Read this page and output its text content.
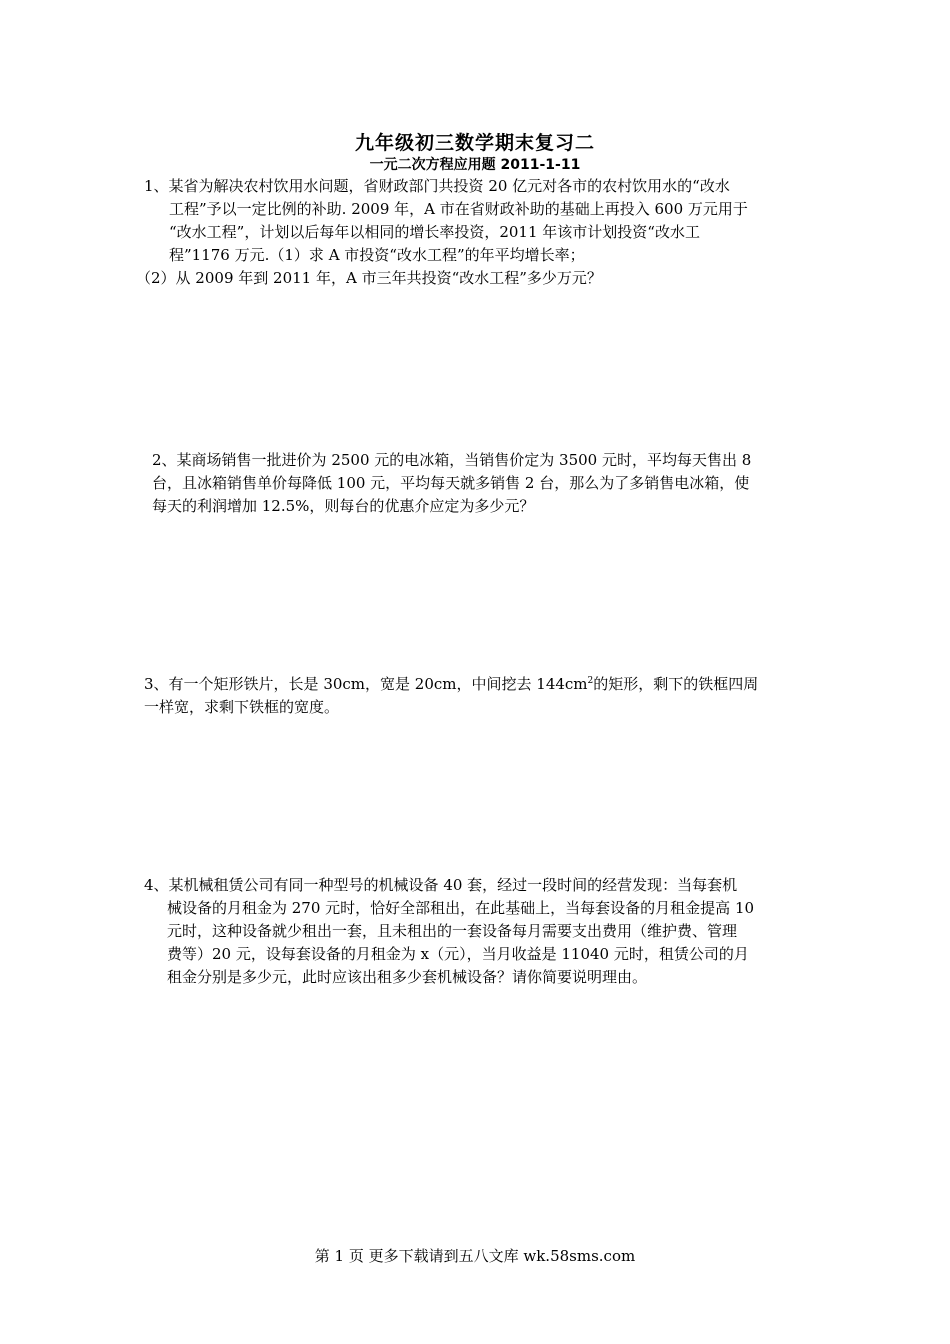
九年级初三数学期末复习二
一元二次方程应用题 2011-1-11

1、某省为解决农村饮用水问题，省财政部门共投资 20 亿元对各市的农村饮用水的“改水

工程”予以一定比例的补助. 2009 年，A 市在省财政补助的基础上再投入 600 万元用于

“改水工程”，计划以后每年以相同的增长率投资，2011 年该市计划投资“改水工

程”1176 万元.（1）求 A 市投资“改水工程”的年平均增长率；

（2）从 2009 年到 2011 年，A 市三年共投资“改水工程”多少万元？

2、某商场销售一批进价为 2500 元的电冰箱，当销售价定为 3500 元时，平均每天售出 8

台，且冰箱销售单价每降低 100 元，平均每天就多销售 2 台，那么为了多销售电冰箱，使

每天的利润增加 12.5%，则每台的优惠介应定为多少元？

3、有一个矩形铁片，长是 30cm，宽是 20cm，中间挖去 $144cm^2$的矩形，剩下的铁框四周

一样宽，求剩下铁框的宽度。

4、某机械租赁公司有同一种型号的机械设备 40 套，经过一段时间的经营发现：当每套机

械设备的月租金为 270 元时，恰好全部租出，在此基础上，当每套设备的月租金提高 10

元时，这种设备就少租出一套，且未租出的一套设备每月需要支出费用（维护费、管理

费等）20 元，设每套设备的月租金为 x（元），当月收益是 11040 元时，租赁公司的月

租金分别是多少元，此时应该出租多少套机械设备？请你简要说明理由。

第 1 页 更多下载请到五八文库 wk.58sms.com
